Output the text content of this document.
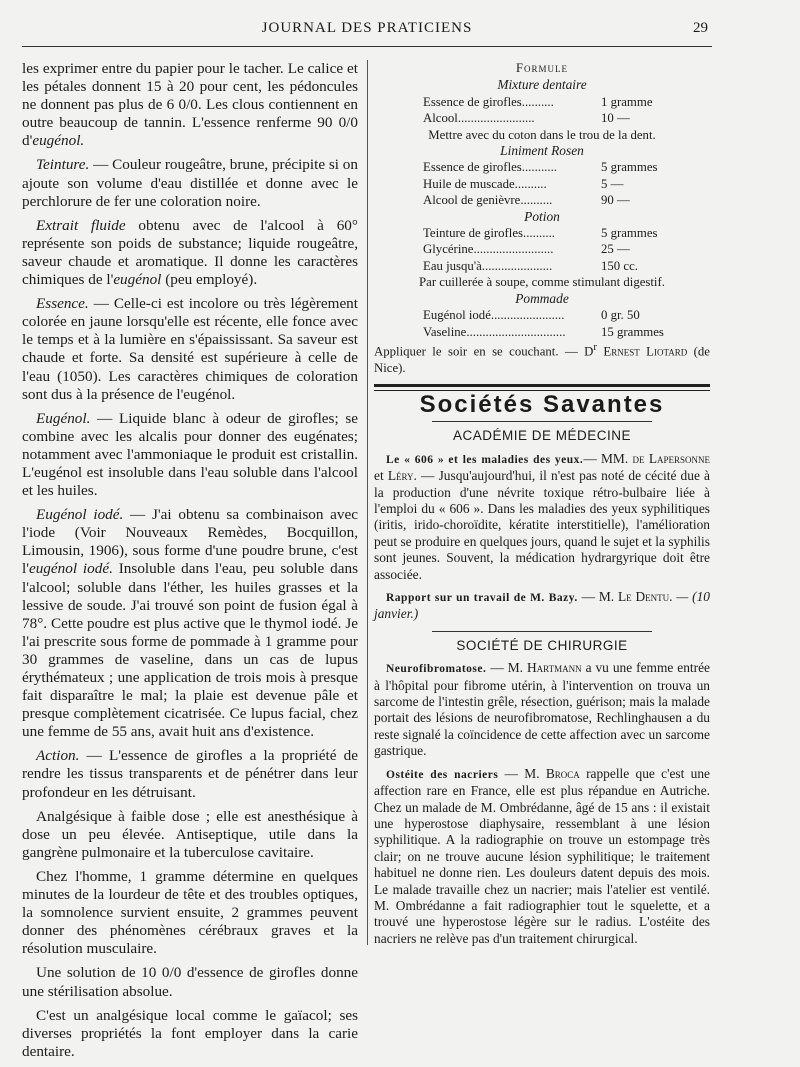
JOURNAL DES PRATICIENS	29

les exprimer entre du papier pour le tacher. Le calice et les pétales donnent 15 à 20 pour cent, les pédoncules ne donnent pas plus de 6 0/0. Les clous contiennent en outre beaucoup de tannin. L'essence renferme 90 0/0 d'eugénol.

Teinture. — Couleur rougeâtre, brune, précipite si on ajoute son volume d'eau distillée et donne avec le perchlorure de fer une coloration noire.

Extrait fluide obtenu avec de l'alcool à 60° représente son poids de substance; liquide rougeâtre, saveur chaude et aromatique. Il donne les caractères chimiques de l'eugénol (peu employé).

Essence. — Celle-ci est incolore ou très légèrement colorée en jaune lorsqu'elle est récente, elle fonce avec le temps et à la lumière en s'épaississant. Sa saveur est chaude et forte. Sa densité est supérieure à celle de l'eau (1050). Les caractères chimiques de coloration sont dus à la présence de l'eugénol.

Eugénol. — Liquide blanc à odeur de girofles; se combine avec les alcalis pour donner des eugénates; notamment avec l'ammoniaque le produit est cristallin. L'eugénol est insoluble dans l'eau soluble dans l'alcool et les huiles.

Eugénol iodé. — J'ai obtenu sa combinaison avec l'iode (Voir Nouveaux Remèdes, Bocquillon, Limousin, 1906), sous forme d'une poudre brune, c'est l'eugénol iodé. Insoluble dans l'eau, peu soluble dans l'alcool; soluble dans l'éther, les huiles grasses et la lessive de soude. J'ai trouvé son point de fusion égal à 78°. Cette poudre est plus active que le thymol iodé. Je l'ai prescrite sous forme de pommade à 1 gramme pour 30 grammes de vaseline, dans un cas de lupus érythémateux ; une application de trois mois à presque fait disparaître le mal; la plaie est devenue pâle et presque complètement cicatrisée. Ce lupus facial, chez une femme de 55 ans, avait huit ans d'existence.

Action. — L'essence de girofles a la propriété de rendre les tissus transparents et de pénétrer dans leur profondeur en les détruisant.

Analgésique à faible dose ; elle est anesthésique à dose un peu élevée. Antiseptique, utile dans la gangrène pulmonaire et la tuberculose cavitaire.

Chez l'homme, 1 gramme détermine en quelques minutes de la lourdeur de tête et des troubles optiques, la somnolence survient ensuite, 2 grammes peuvent donner des phénomènes cérébraux graves et la résolution musculaire.

Une solution de 10 0/0 d'essence de girofles donne une stérilisation absolue.

C'est un analgésique local comme le gaïacol; ses diverses propriétés la font employer dans la carie dentaire.

Formule

Mixture dentaire

Essence de girofles..........	1 gramme
Alcool........................	10 —

Mettre avec du coton dans le trou de la dent.

Liniment Rosen

Essence de girofles...........	5 grammes
Huile de muscade..........	5 —
Alcool de genièvre..........	90 —

Potion

Teinture de girofles..........	5 grammes
Glycérine.........................	25 —
Eau jusqu'à......................	150 cc.

Par cuillerée à soupe, comme stimulant digestif.

Pommade

Eugénol iodé.......................	0 gr. 50
Vaseline...............................	15 grammes

Appliquer le soir en se couchant. — $D^r$ Ernest Liotard (de Nice).

Sociétés Savantes
ACADÉMIE DE MÉDECINE

Le « 606 » et les maladies des yeux.— MM. de Lapersonne et Léry. — Jusqu'aujourd'hui, il n'est pas noté de cécité due à la production d'une névrite toxique rétro-bulbaire liée à l'emploi du « 606 ». Dans les maladies des yeux syphilitiques (iritis, irido-choroïdite, kératite interstitielle), l'amélioration peut se produire en quelques jours, quand le sujet et la syphilis sont jeunes. Souvent, la médication hydrargyrique doit être associée.

Rapport sur un travail de M. Bazy. — M. Le Dentu. — (10 janvier.)

SOCIÉTÉ DE CHIRURGIE

Neurofibromatose. — M. Hartmann a vu une femme entrée à l'hôpital pour fibrome utérin, à l'intervention on trouva un sarcome de l'intestin grêle, résection, guérison; mais la malade portait des lésions de neurofibromatose, Rechlinghausen a du reste signalé la coïncidence de cette affection avec un sarcome gastrique.

Ostéite des nacriers — M. Broca rappelle que c'est une affection rare en France, elle est plus répandue en Autriche. Chez un malade de M. Ombrédanne, âgé de 15 ans : il existait une hyperostose diaphysaire, ressemblant à une lésion syphilitique. A la radiographie on trouve un estompage très clair; on ne trouve aucune lésion syphilitique; le traitement habituel ne donne rien. Les douleurs datent depuis des mois. Le malade travaille chez un nacrier; mais l'atelier est ventilé. M. Ombrédanne a fait radiographier tout le squelette, et a trouvé une hyperostose légère sur le radius. L'ostéite des nacriers ne relève pas d'un traitement chirurgical.
